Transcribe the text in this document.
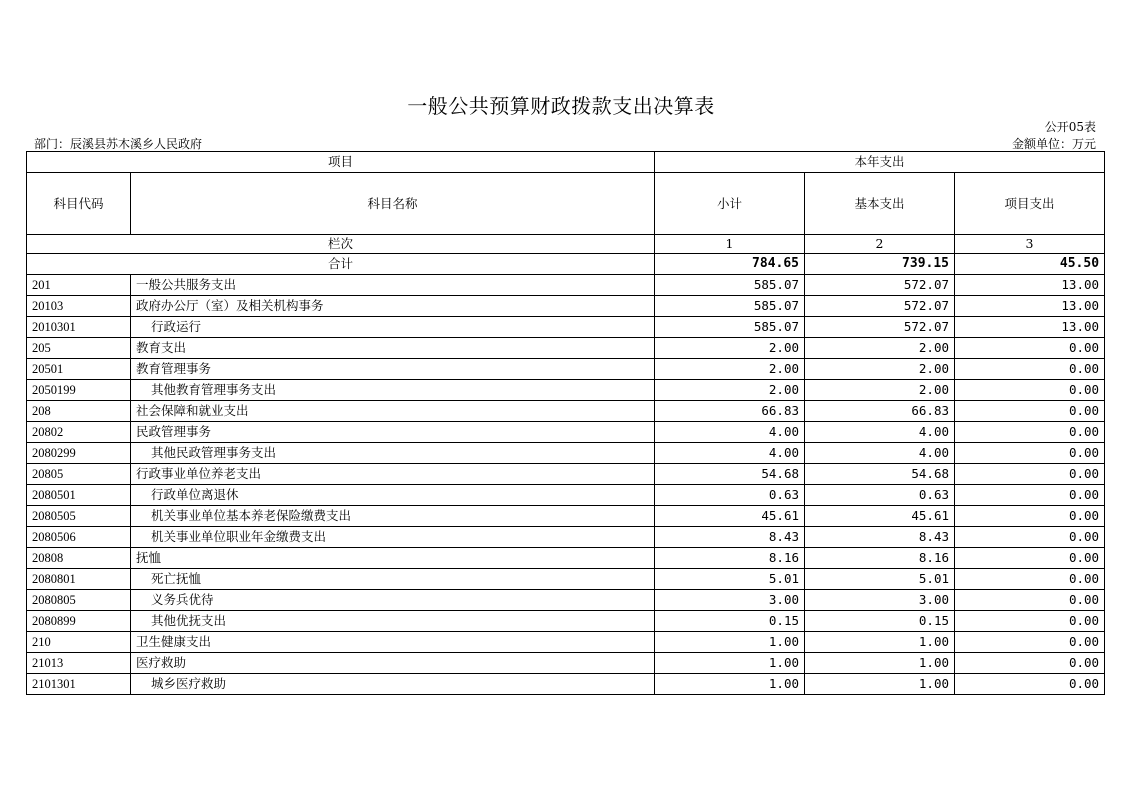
一般公共预算财政拨款支出决算表
公开05表
部门：辰溪县苏木溪乡人民政府	金额单位：万元
项目		本年支出		
科目代码	科目名称	小计	基本支出	项目支出
栏次		1	2	3
合计		784.65	739.15	45.50
201	一般公共服务支出	585.07	572.07	13.00
20103	政府办公厅（室）及相关机构事务	585.07	572.07	13.00
2010301	行政运行	585.07	572.07	13.00
205	教育支出	2.00	2.00	0.00
20501	教育管理事务	2.00	2.00	0.00
2050199	其他教育管理事务支出	2.00	2.00	0.00
208	社会保障和就业支出	66.83	66.83	0.00
20802	民政管理事务	4.00	4.00	0.00
2080299	其他民政管理事务支出	4.00	4.00	0.00
20805	行政事业单位养老支出	54.68	54.68	0.00
2080501	行政单位离退休	0.63	0.63	0.00
2080505	机关事业单位基本养老保险缴费支出	45.61	45.61	0.00
2080506	机关事业单位职业年金缴费支出	8.43	8.43	0.00
20808	抚恤	8.16	8.16	0.00
2080801	死亡抚恤	5.01	5.01	0.00
2080805	义务兵优待	3.00	3.00	0.00
2080899	其他优抚支出	0.15	0.15	0.00
210	卫生健康支出	1.00	1.00	0.00
21013	医疗救助	1.00	1.00	0.00
2101301	城乡医疗救助	1.00	1.00	0.00
